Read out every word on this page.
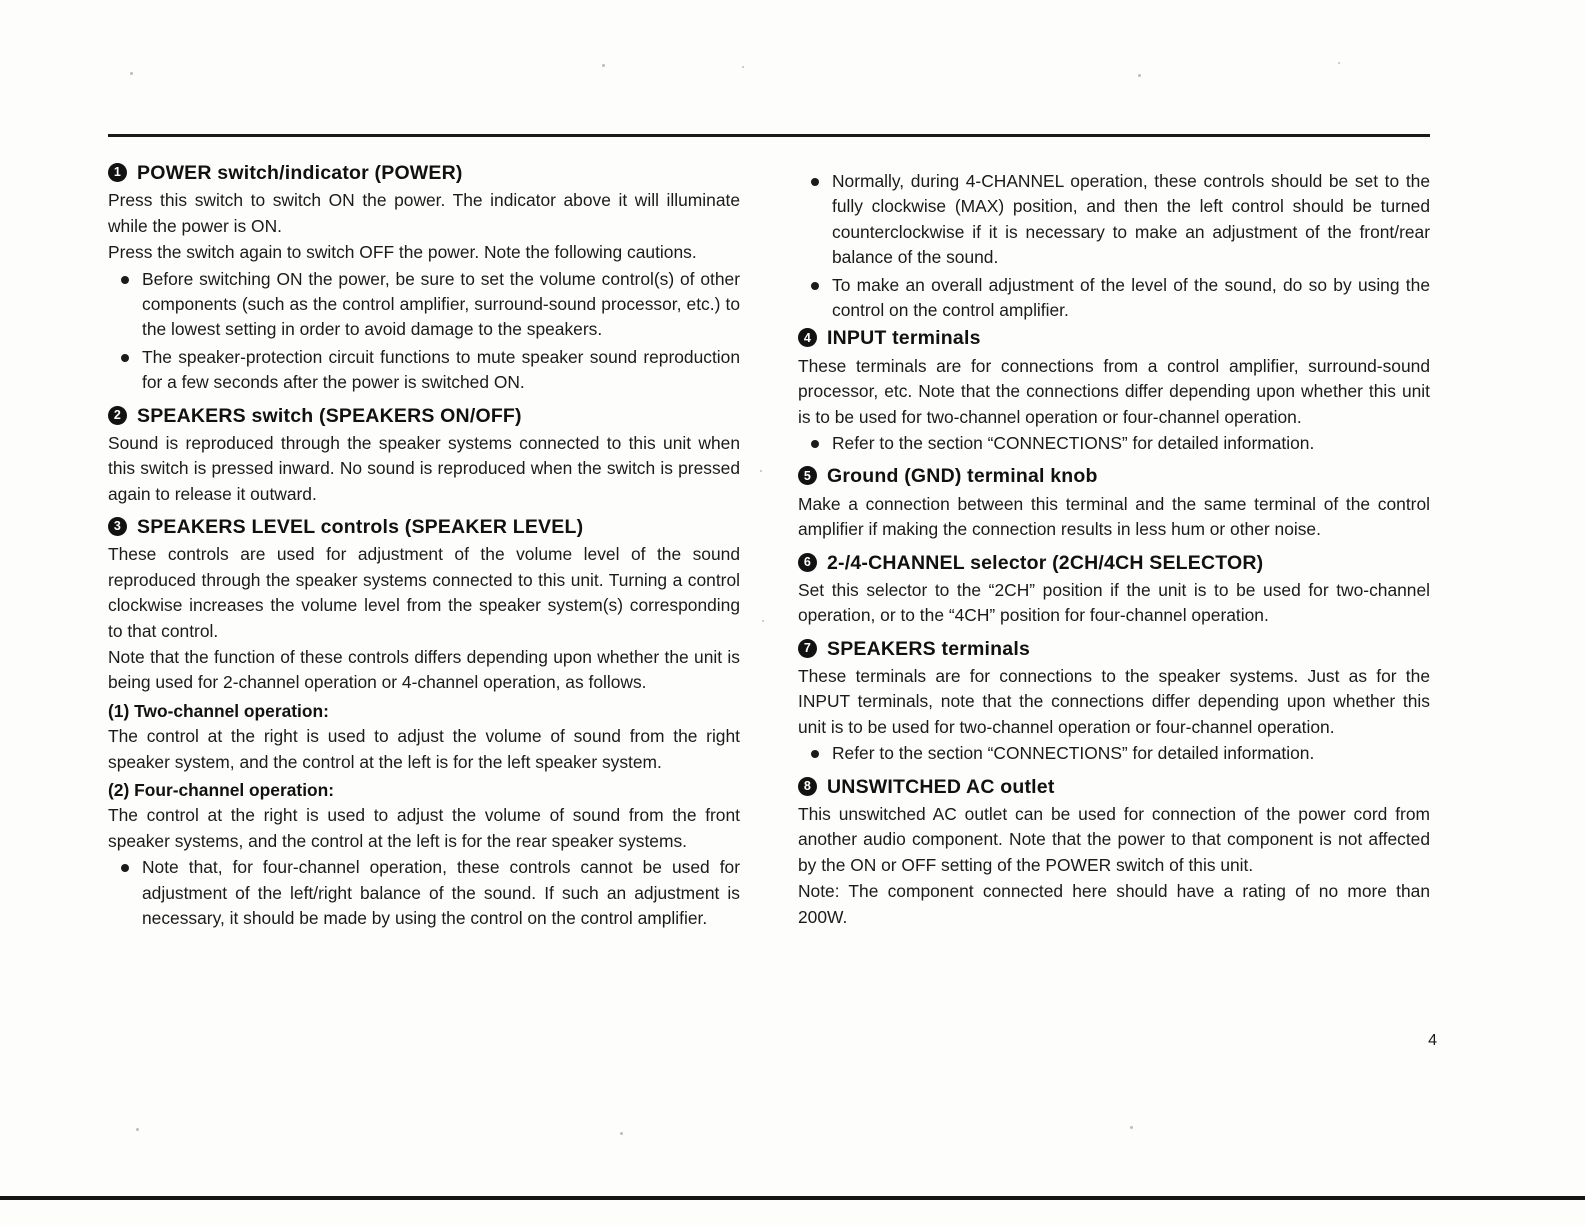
1 POWER switch/indicator (POWER)

Press this switch to switch ON the power. The indicator above it will illuminate while the power is ON.

Press the switch again to switch OFF the power. Note the following cautions.

Before switching ON the power, be sure to set the volume control(s) of other components (such as the control amplifier, surround-sound processor, etc.) to the lowest setting in order to avoid damage to the speakers.
The speaker-protection circuit functions to mute speaker sound reproduction for a few seconds after the power is switched ON.
2 SPEAKERS switch (SPEAKERS ON/OFF)

Sound is reproduced through the speaker systems connected to this unit when this switch is pressed inward. No sound is reproduced when the switch is pressed again to release it outward.

3 SPEAKERS LEVEL controls (SPEAKER LEVEL)

These controls are used for adjustment of the volume level of the sound reproduced through the speaker systems connected to this unit. Turning a control clockwise increases the volume level from the speaker system(s) corresponding to that control.

Note that the function of these controls differs depending upon whether the unit is being used for 2-channel operation or 4-channel operation, as follows.

(1) Two-channel operation:

The control at the right is used to adjust the volume of sound from the right speaker system, and the control at the left is for the left speaker system.

(2) Four-channel operation:

The control at the right is used to adjust the volume of sound from the front speaker systems, and the control at the left is for the rear speaker systems.

Note that, for four-channel operation, these controls cannot be used for adjustment of the left/right balance of the sound. If such an adjustment is necessary, it should be made by using the control on the control amplifier.
Normally, during 4-CHANNEL operation, these controls should be set to the fully clockwise (MAX) position, and then the left control should be turned counterclockwise if it is necessary to make an adjustment of the front/rear balance of the sound.
To make an overall adjustment of the level of the sound, do so by using the control on the control amplifier.
4 INPUT terminals

These terminals are for connections from a control amplifier, surround-sound processor, etc. Note that the connections differ depending upon whether this unit is to be used for two-channel operation or four-channel operation.

Refer to the section “CONNECTIONS” for detailed information.
5 Ground (GND) terminal knob

Make a connection between this terminal and the same terminal of the control amplifier if making the connection results in less hum or other noise.

6 2-/4-CHANNEL selector (2CH/4CH SELECTOR)

Set this selector to the “2CH” position if the unit is to be used for two-channel operation, or to the “4CH” position for four-channel operation.

7 SPEAKERS terminals

These terminals are for connections to the speaker systems. Just as for the INPUT terminals, note that the connections differ depending upon whether this unit is to be used for two-channel operation or four-channel operation.

Refer to the section “CONNECTIONS” for detailed information.
8 UNSWITCHED AC outlet

This unswitched AC outlet can be used for connection of the power cord from another audio component. Note that the power to that component is not affected by the ON or OFF setting of the POWER switch of this unit.

Note: The component connected here should have a rating of no more than 200W.

4
